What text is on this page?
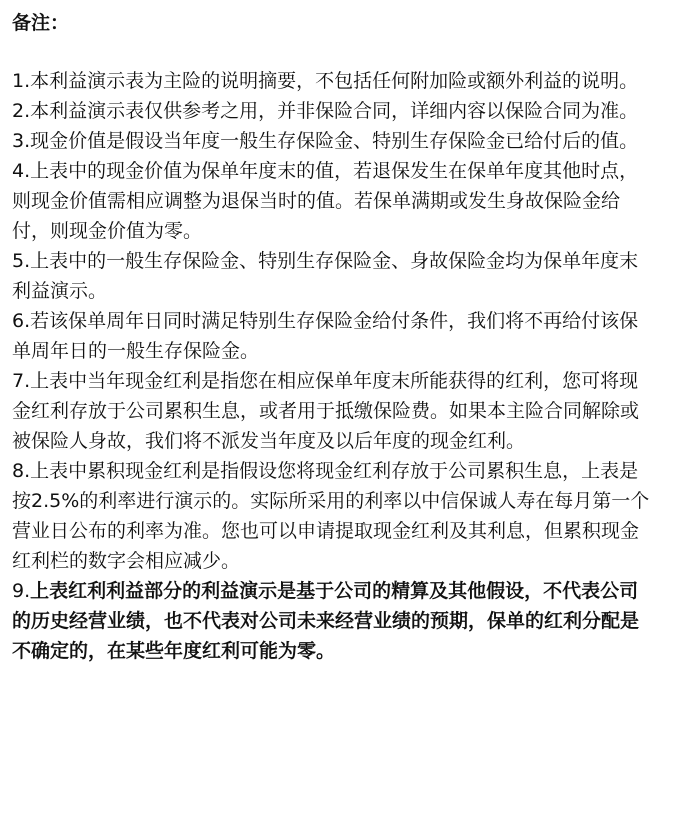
备注：

1.本利益演示表为主险的说明摘要，不包括任何附加险或额外利益的说明。

2.本利益演示表仅供参考之用，并非保险合同，详细内容以保险合同为准。

3.现金价值是假设当年度一般生存保险金、特别生存保险金已给付后的值。

4.上表中的现金价值为保单年度末的值，若退保发生在保单年度其他时点，则现金价值需相应调整为退保当时的值。若保单满期或发生身故保险金给付，则现金价值为零。

5.上表中的一般生存保险金、特别生存保险金、身故保险金均为保单年度末利益演示。

6.若该保单周年日同时满足特别生存保险金给付条件，我们将不再给付该保单周年日的一般生存保险金。

7.上表中当年现金红利是指您在相应保单年度末所能获得的红利，您可将现金红利存放于公司累积生息，或者用于抵缴保险费。如果本主险合同解除或被保险人身故，我们将不派发当年度及以后年度的现金红利。

8.上表中累积现金红利是指假设您将现金红利存放于公司累积生息，上表是按2.5%的利率进行演示的。实际所采用的利率以中信保诚人寿在每月第一个营业日公布的利率为准。您也可以申请提取现金红利及其利息，但累积现金红利栏的数字会相应减少。

9.上表红利利益部分的利益演示是基于公司的精算及其他假设，不代表公司的历史经营业绩，也不代表对公司未来经营业绩的预期，保单的红利分配是不确定的，在某些年度红利可能为零。
